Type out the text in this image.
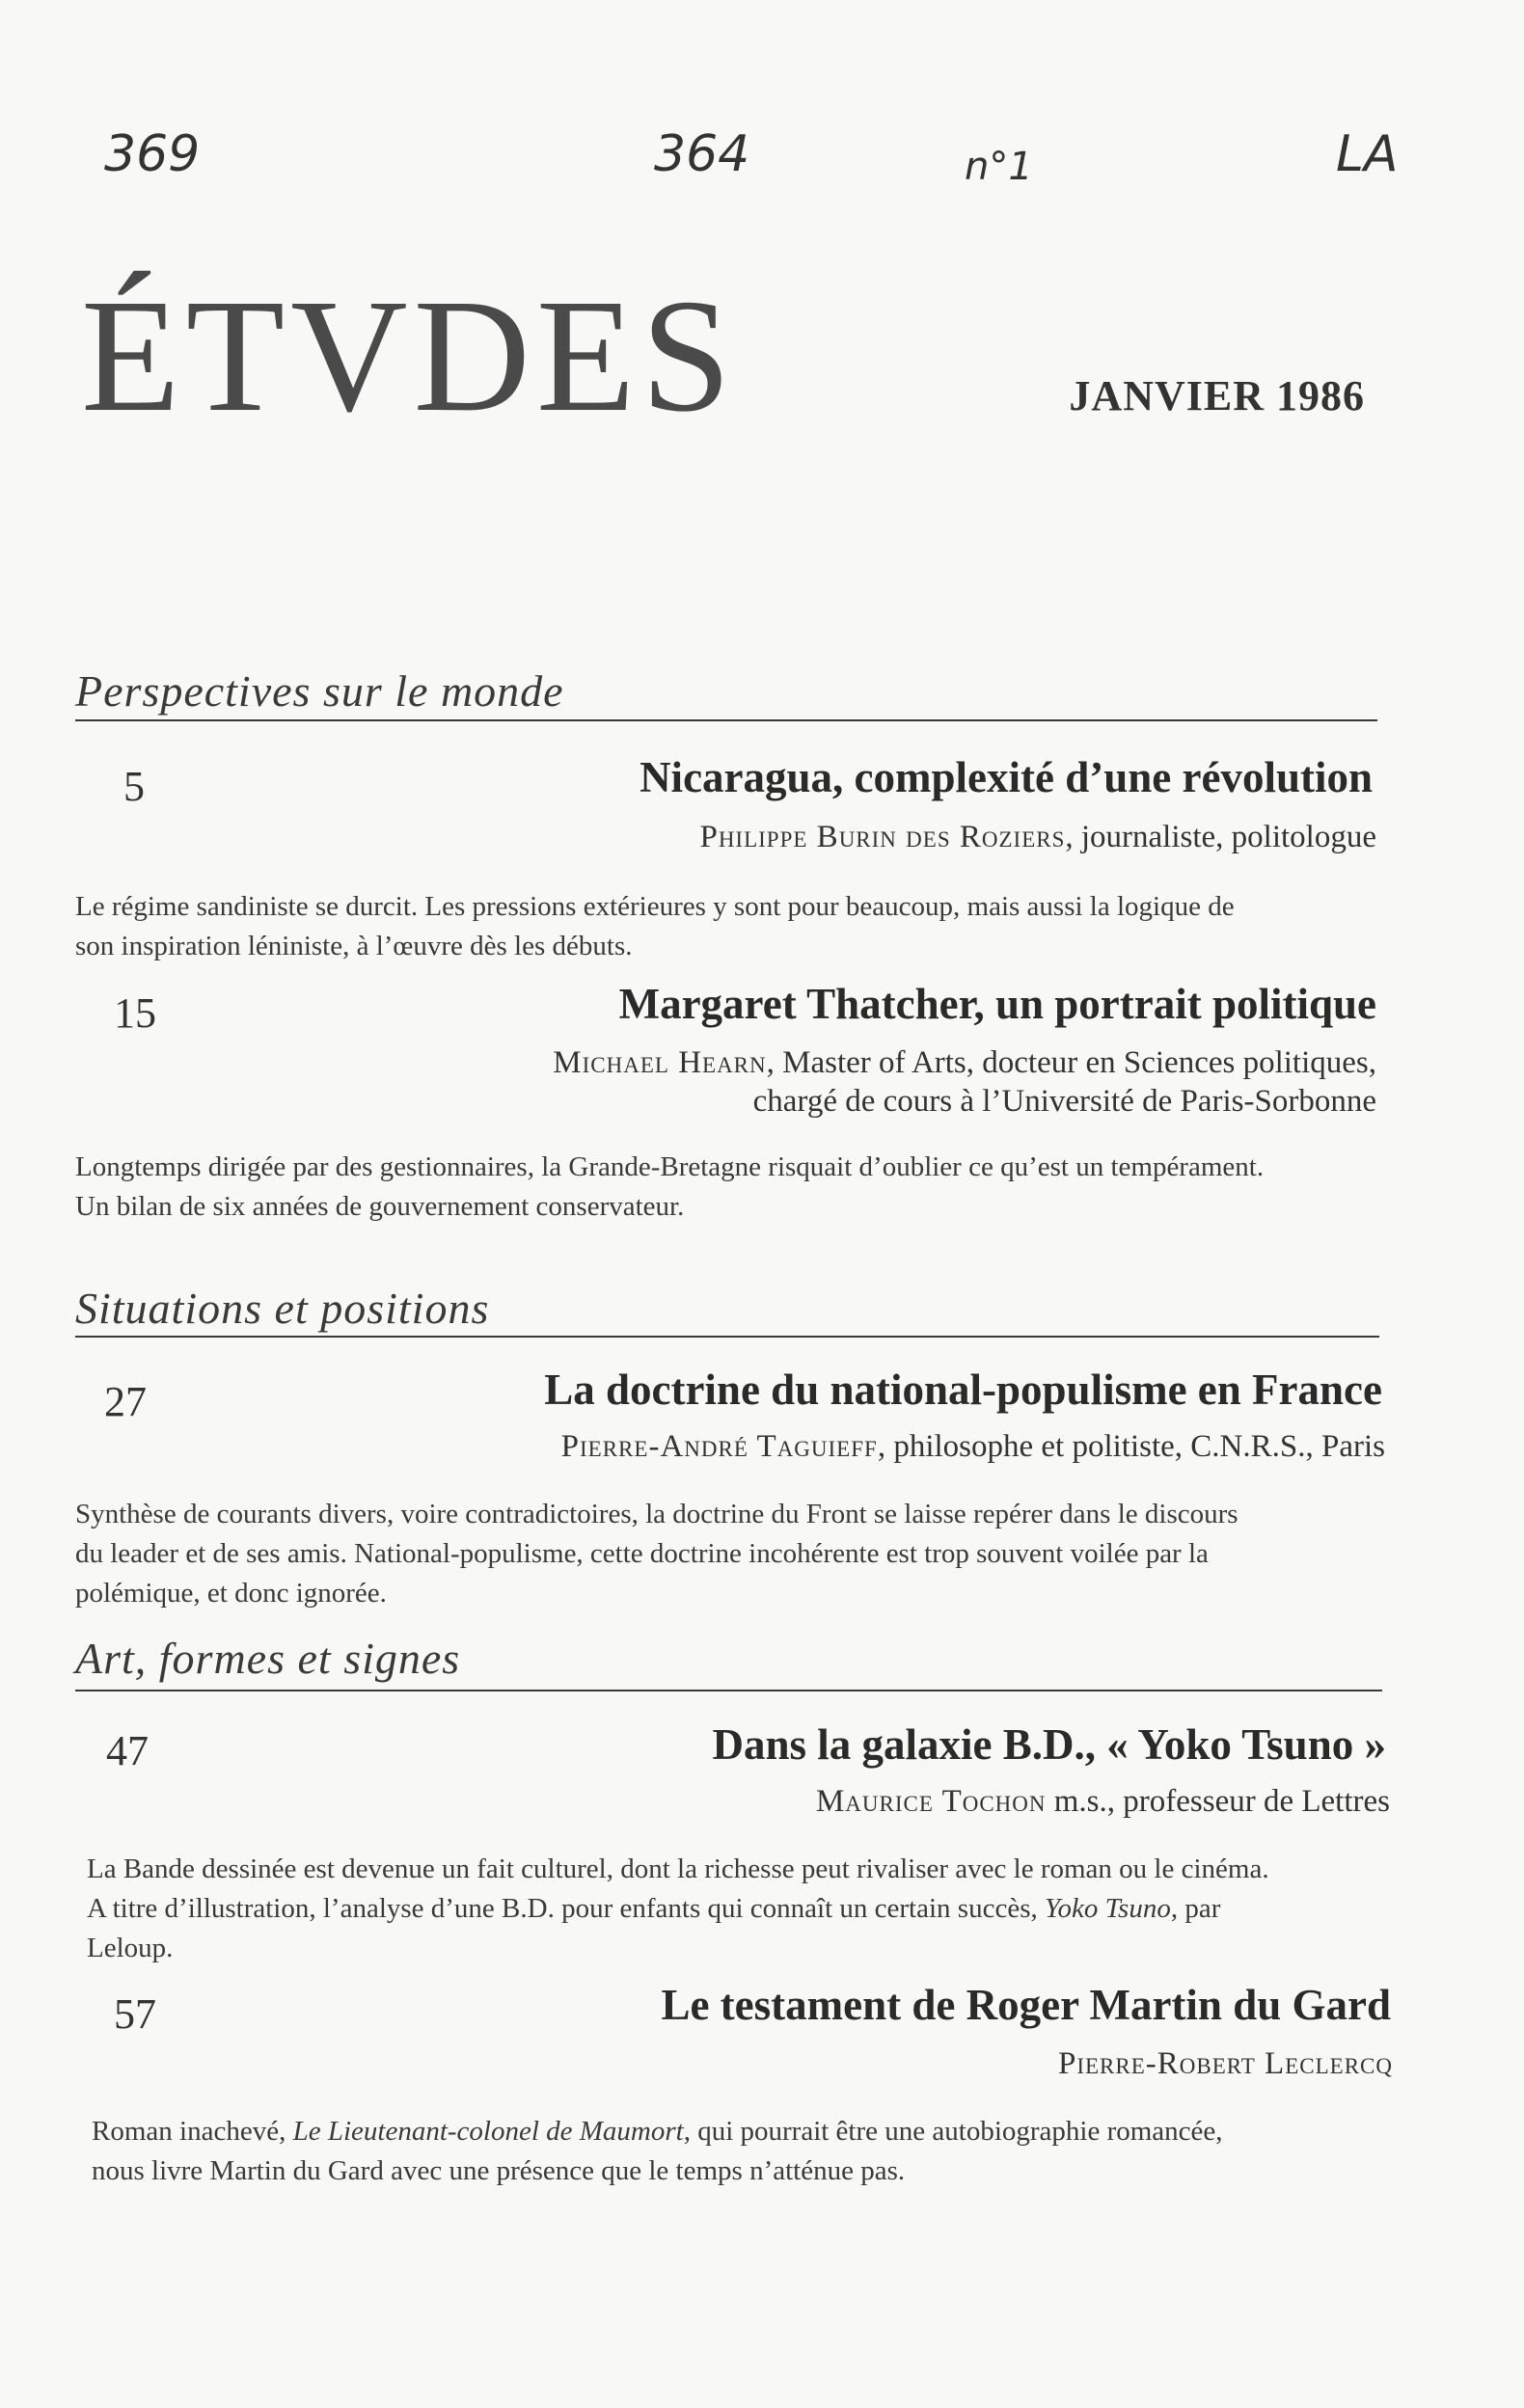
369	364	n°1	LA
ÉTVDES	JANVIER 1986
Perspectives sur le monde
5	Nicaragua, complexité d’une révolution
Philippe Burin des Roziers, journaliste, politologue

Le régime sandiniste se durcit. Les pressions extérieures y sont pour beaucoup, mais aussi la logique de son inspiration léniniste, à l’œuvre dès les débuts.

15	Margaret Thatcher, un portrait politique
Michael Hearn, Master of Arts, docteur en Sciences politiques,
chargé de cours à l’Université de Paris-Sorbonne

Longtemps dirigée par des gestionnaires, la Grande-Bretagne risquait d’oublier ce qu’est un tempérament. Un bilan de six années de gouvernement conservateur.

Situations et positions
27	La doctrine du national-populisme en France
Pierre-André Taguieff, philosophe et politiste, C.N.R.S., Paris

Synthèse de courants divers, voire contradictoires, la doctrine du Front se laisse repérer dans le discours du leader et de ses amis. National-populisme, cette doctrine incohérente est trop souvent voilée par la polémique, et donc ignorée.

Art, formes et signes
47	Dans la galaxie B.D., « Yoko Tsuno »
Maurice Tochon m.s., professeur de Lettres

La Bande dessinée est devenue un fait culturel, dont la richesse peut rivaliser avec le roman ou le cinéma. A titre d’illustration, l’analyse d’une B.D. pour enfants qui connaît un certain succès, Yoko Tsuno, par Leloup.

57	Le testament de Roger Martin du Gard
Pierre-Robert Leclercq

Roman inachevé, Le Lieutenant-colonel de Maumort, qui pourrait être une autobiographie romancée, nous livre Martin du Gard avec une présence que le temps n’atténue pas.
